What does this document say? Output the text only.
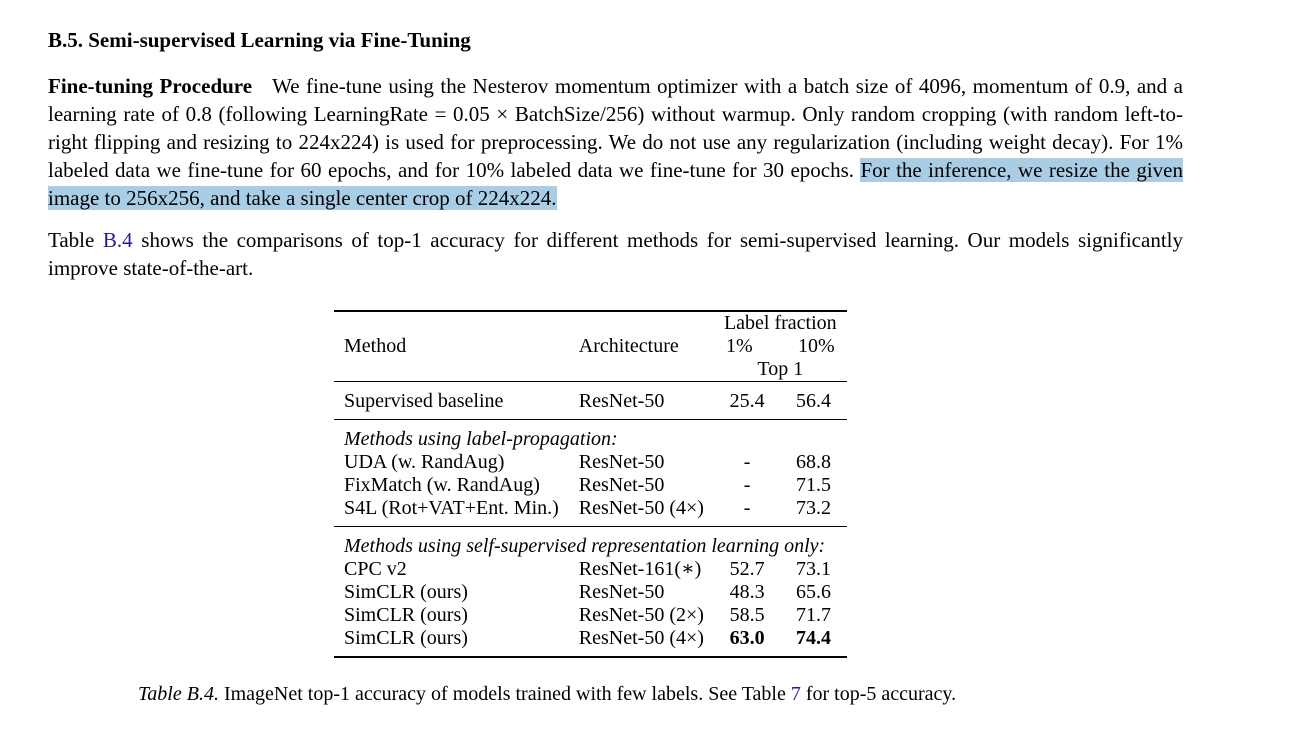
B.5. Semi-supervised Learning via Fine-Tuning
Fine-tuning Procedure We fine-tune using the Nesterov momentum optimizer with a batch size of 4096, momentum of 0.9, and a learning rate of 0.8 (following LearningRate = 0.05 × BatchSize/256) without warmup. Only random cropping (with random left-to-right flipping and resizing to 224x224) is used for preprocessing. We do not use any regularization (including weight decay). For 1% labeled data we fine-tune for 60 epochs, and for 10% labeled data we fine-tune for 30 epochs. For the inference, we resize the given image to 256x256, and take a single center crop of 224x224.
Table B.4 shows the comparisons of top-1 accuracy for different methods for semi-supervised learning. Our models significantly improve state-of-the-art.
Method	Architecture	Label fraction
1% 10%
Top 1	

Supervised baseline	ResNet-50	25.4	56.4
Methods using label-propagation:			
UDA (w. RandAug)	ResNet-50	-	68.8
FixMatch (w. RandAug)	ResNet-50	-	71.5
S4L (Rot+VAT+Ent. Min.)	ResNet-50 (4×)	-	73.2
Methods using self-supervised representation learning only:			
CPC v2	ResNet-161(∗)	52.7	73.1
SimCLR (ours)	ResNet-50	48.3	65.6
SimCLR (ours)	ResNet-50 (2×)	58.5	71.7
SimCLR (ours)	ResNet-50 (4×)	63.0	74.4
Table B.4. ImageNet top-1 accuracy of models trained with few labels. See Table 7 for top-5 accuracy.
